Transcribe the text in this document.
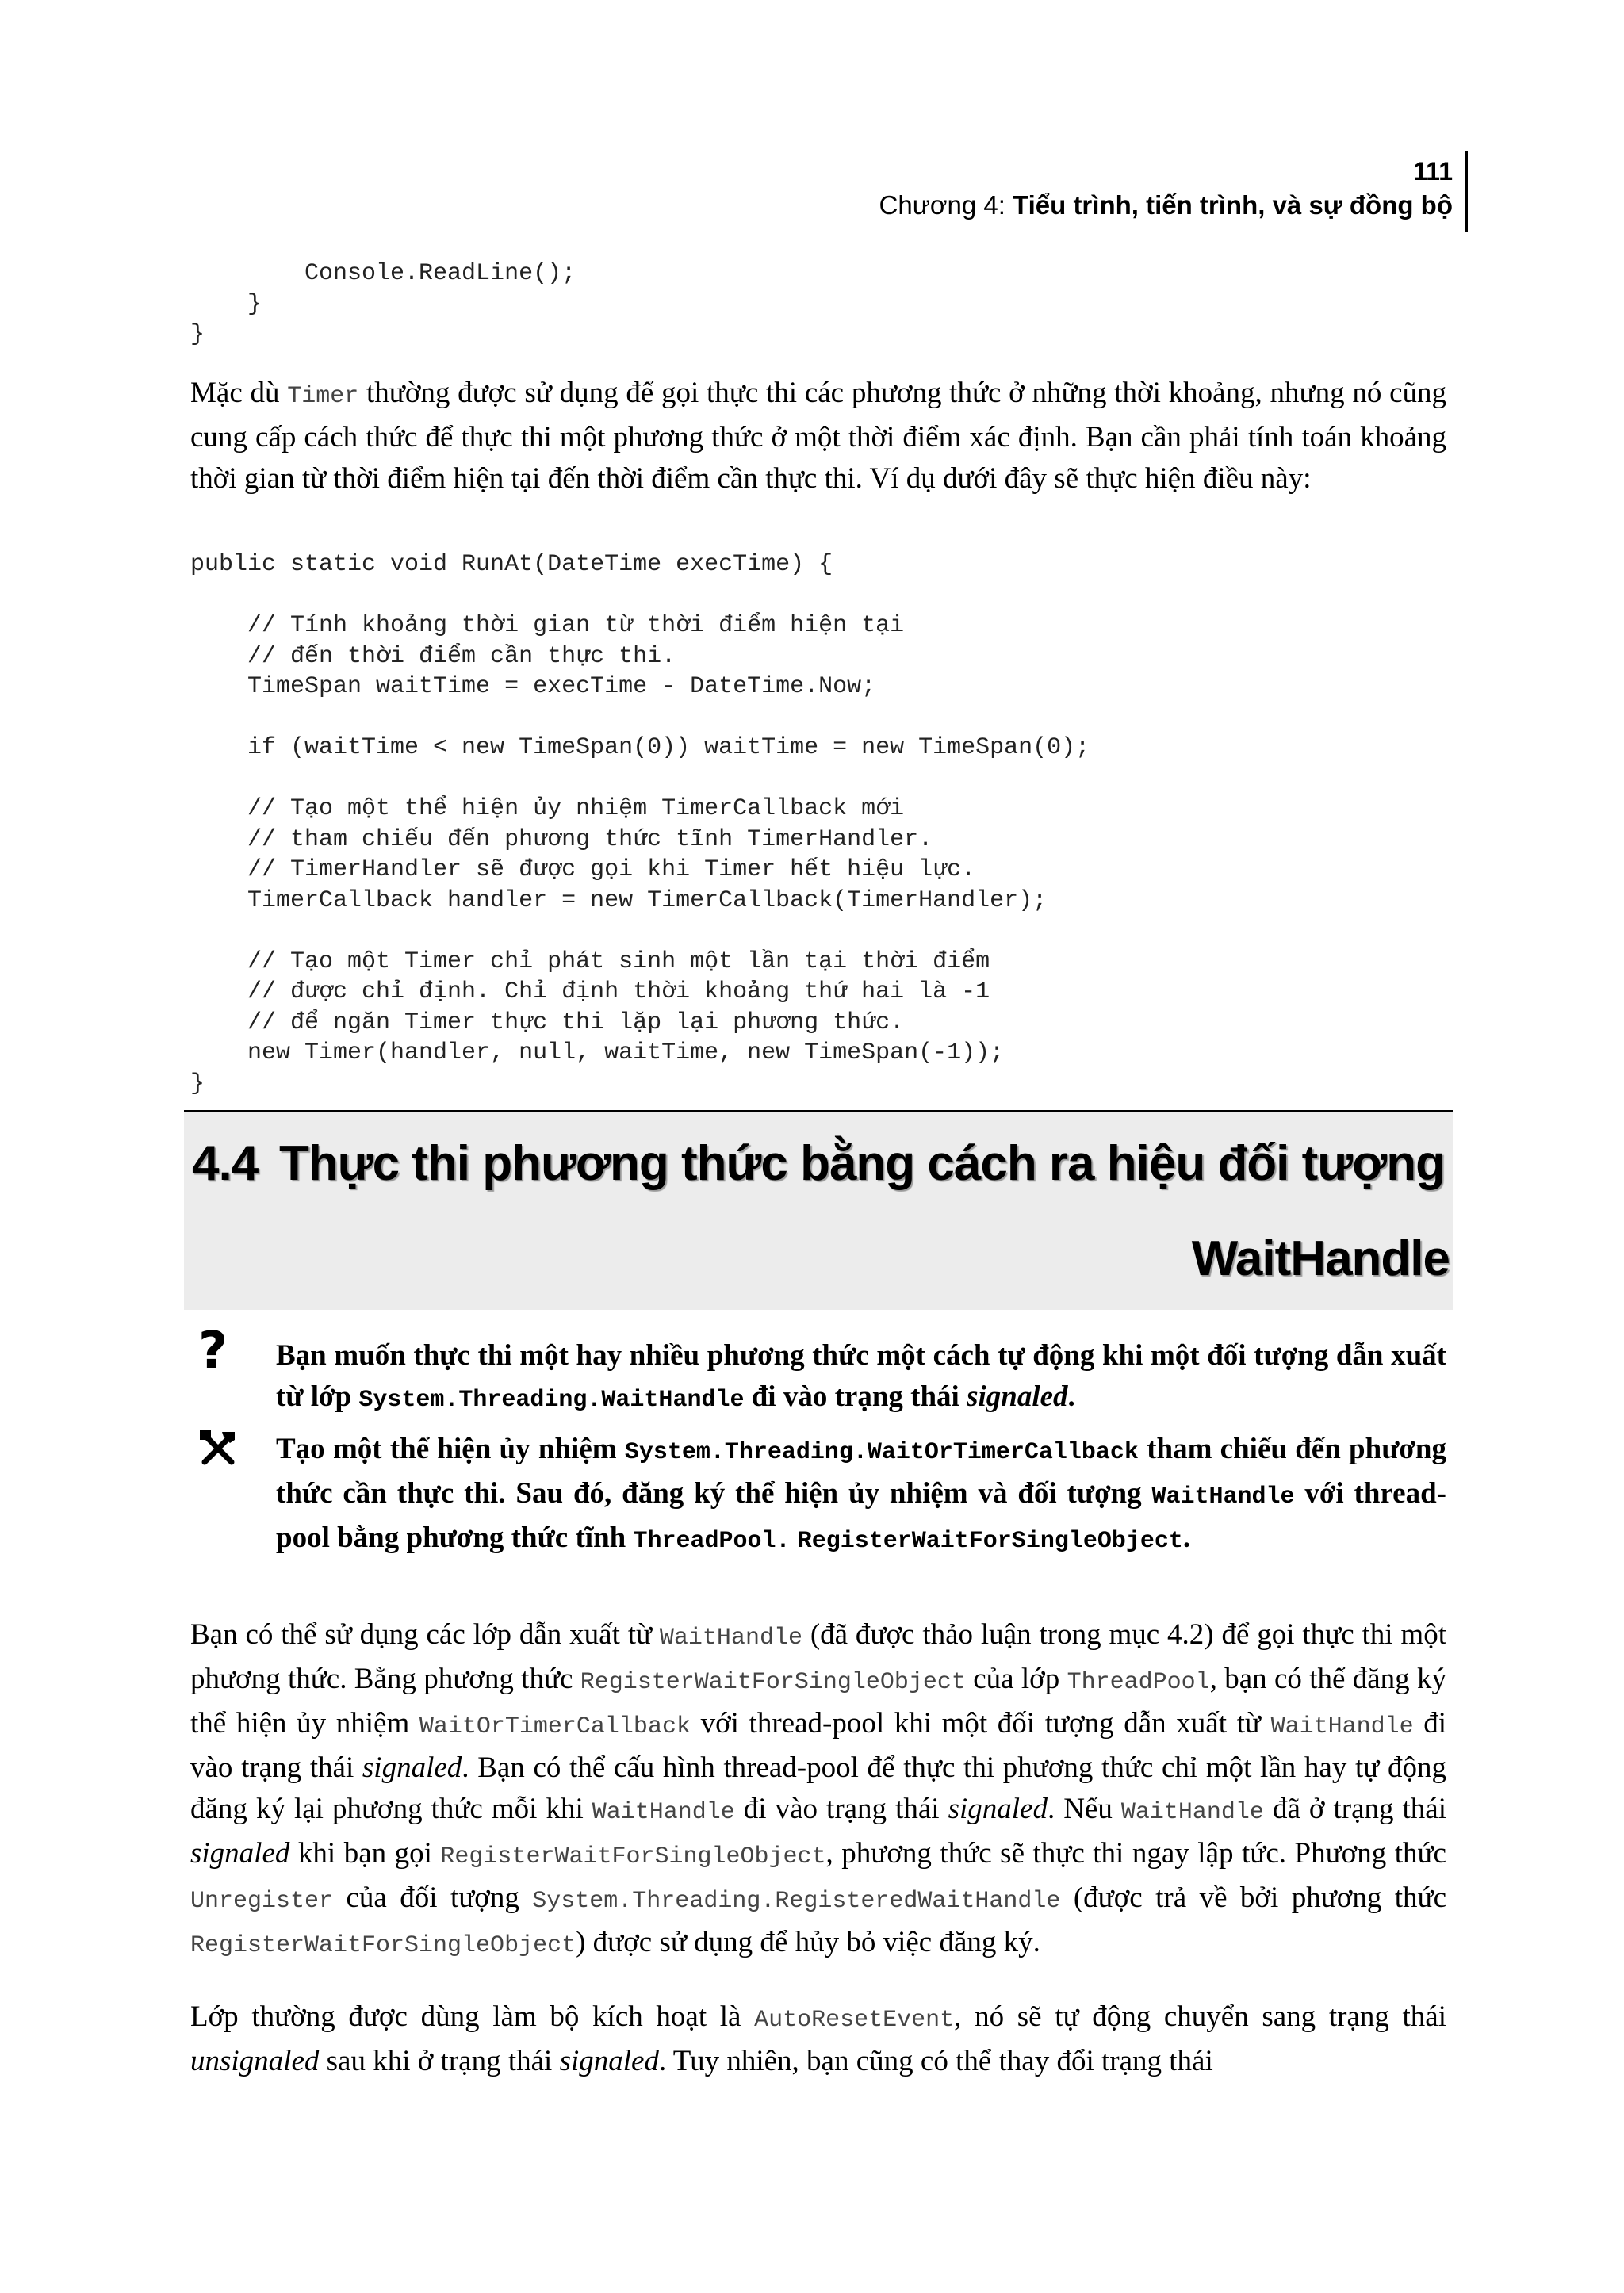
111
Chương 4: Tiểu trình, tiến trình, và sự đồng bộ
Console.ReadLine();
}
}

Mặc dù Timer thường được sử dụng để gọi thực thi các phương thức ở những thời khoảng, nhưng nó cũng cung cấp cách thức để thực thi một phương thức ở một thời điểm xác định. Bạn cần phải tính toán khoảng thời gian từ thời điểm hiện tại đến thời điểm cần thực thi. Ví dụ dưới đây sẽ thực hiện điều này:

public static void RunAt(DateTime execTime) {

// Tính khoảng thời gian từ thời điểm hiện tại
// đến thời điểm cần thực thi.
TimeSpan waitTime = execTime - DateTime.Now;

if (waitTime < new TimeSpan(0)) waitTime = new TimeSpan(0);

// Tạo một thể hiện ủy nhiệm TimerCallback mới
// tham chiếu đến phương thức tĩnh TimerHandler.
// TimerHandler sẽ được gọi khi Timer hết hiệu lực.
TimerCallback handler = new TimerCallback(TimerHandler);

// Tạo một Timer chỉ phát sinh một lần tại thời điểm
// được chỉ định. Chỉ định thời khoảng thứ hai là -1
// để ngăn Timer thực thi lặp lại phương thức.
new Timer(handler, null, waitTime, new TimeSpan(-1));
}
4.4 Thực thi phương thức bằng cách ra hiệu đối tượng
WaitHandle
?	Bạn muốn thực thi một hay nhiều phương thức một cách tự động khi một đối tượng dẫn xuất từ lớp System.Threading.WaitHandle đi vào trạng thái signaled.

Tạo một thể hiện ủy nhiệm System.Threading.WaitOrTimerCallback tham chiếu đến phương thức cần thực thi. Sau đó, đăng ký thể hiện ủy nhiệm và đối tượng WaitHandle với thread-pool bằng phương thức tĩnh ThreadPool. RegisterWaitForSingleObject.

Bạn có thể sử dụng các lớp dẫn xuất từ WaitHandle (đã được thảo luận trong mục 4.2) để gọi thực thi một phương thức. Bằng phương thức RegisterWaitForSingleObject của lớp ThreadPool, bạn có thể đăng ký thể hiện ủy nhiệm WaitOrTimerCallback với thread-pool khi một đối tượng dẫn xuất từ WaitHandle đi vào trạng thái signaled. Bạn có thể cấu hình thread-pool để thực thi phương thức chỉ một lần hay tự động đăng ký lại phương thức mỗi khi WaitHandle đi vào trạng thái signaled. Nếu WaitHandle đã ở trạng thái signaled khi bạn gọi RegisterWaitForSingleObject, phương thức sẽ thực thi ngay lập tức. Phương thức Unregister của đối tượng System.Threading.RegisteredWaitHandle (được trả về bởi phương thức RegisterWaitForSingleObject) được sử dụng để hủy bỏ việc đăng ký.

Lớp thường được dùng làm bộ kích hoạt là AutoResetEvent, nó sẽ tự động chuyển sang trạng thái unsignaled sau khi ở trạng thái signaled. Tuy nhiên, bạn cũng có thể thay đổi trạng thái
